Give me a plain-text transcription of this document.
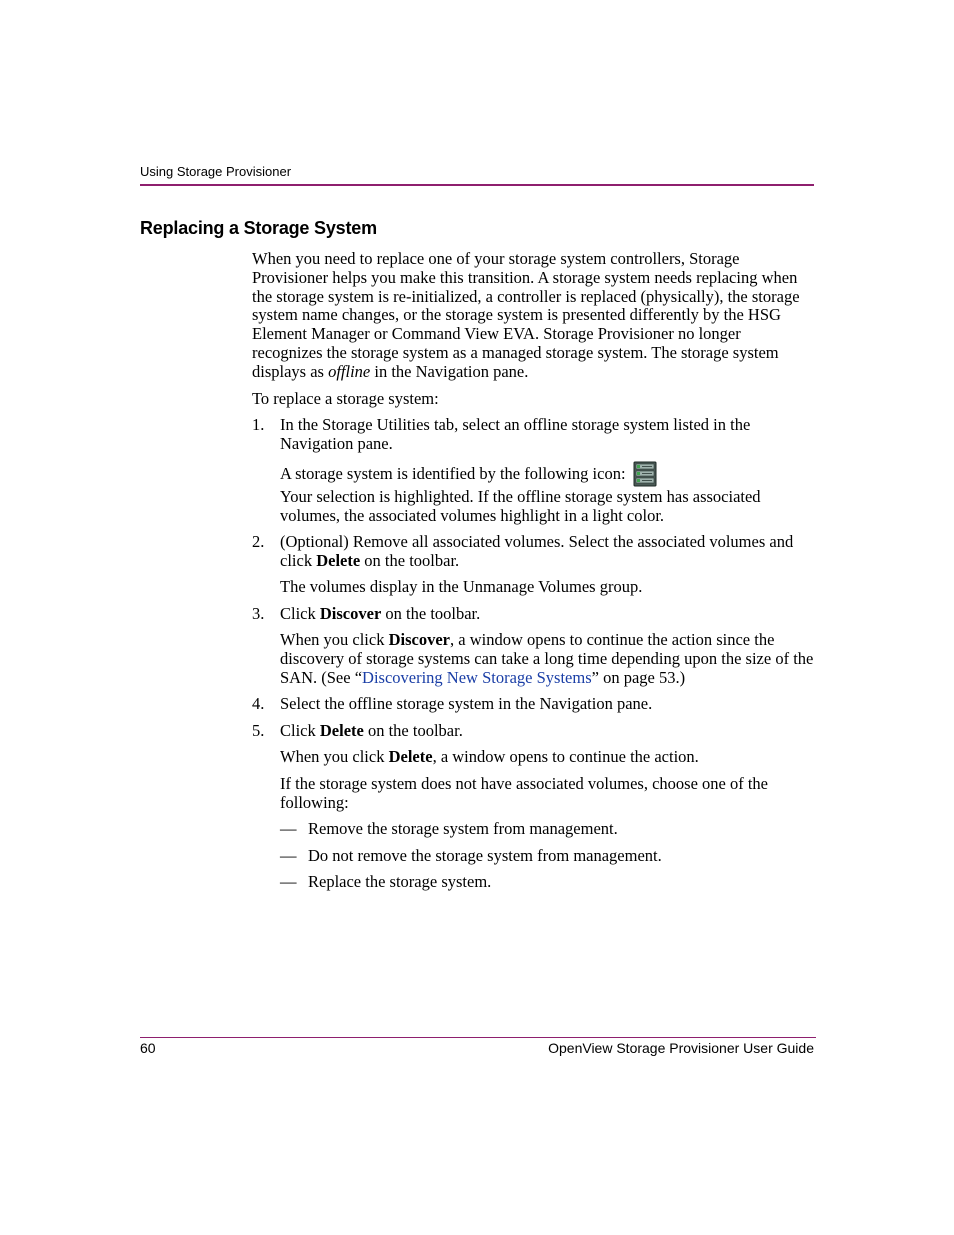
Using Storage Provisioner
Replacing a Storage System

When you need to replace one of your storage system controllers, Storage Provisioner helps you make this transition. A storage system needs replacing when the storage system is re-initialized, a controller is replaced (physically), the storage system name changes, or the storage system is presented differently by the HSG Element Manager or Command View EVA. Storage Provisioner no longer recognizes the storage system as a managed storage system. The storage system displays as offline in the Navigation pane.

To replace a storage system:

1. In the Storage Utilities tab, select an offline storage system listed in the Navigation pane.

A storage system is identified by the following icon:

Your selection is highlighted. If the offline storage system has associated volumes, the associated volumes highlight in a light color.

2. (Optional) Remove all associated volumes. Select the associated volumes and click Delete on the toolbar.

The volumes display in the Unmanage Volumes group.

3. Click Discover on the toolbar.

When you click Discover, a window opens to continue the action since the discovery of storage systems can take a long time depending upon the size of the SAN. (See “Discovering New Storage Systems” on page 53.)

4. Select the offline storage system in the Navigation pane.

5. Click Delete on the toolbar.

When you click Delete, a window opens to continue the action.

If the storage system does not have associated volumes, choose one of the following:

— Remove the storage system from management.

— Do not remove the storage system from management.

— Replace the storage system.

60	OpenView Storage Provisioner User Guide
